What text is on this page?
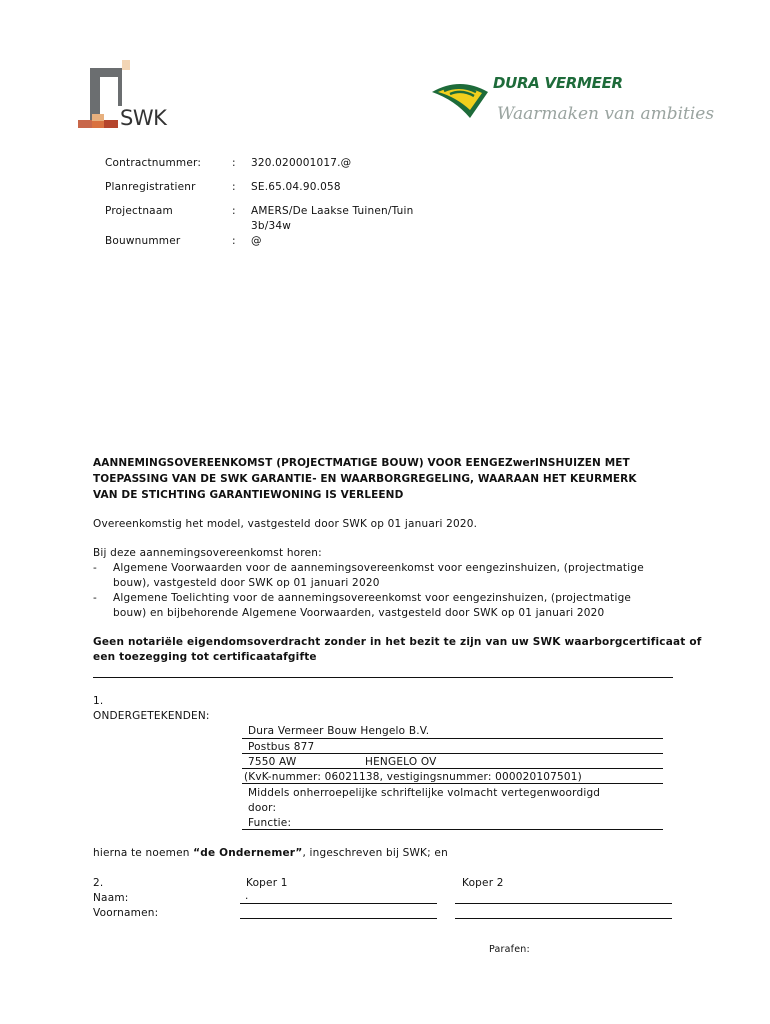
SWK
DURA VERMEER
Waarmaken van ambities
Contractnummer:	: 320.020001017.@
Planregistratienr	: SE.65.04.90.058
Projectnaam	: AMERS/De Laakse Tuinen/Tuin
3b/34w
Bouwnummer	: @
AANNEMINGSOVEREENKOMST (PROJECTMATIGE BOUW) VOOR EENGEZwerINSHUIZEN MET
TOEPASSING VAN DE SWK GARANTIE- EN WAARBORGREGELING, WAARAAN HET KEURMERK
VAN DE STICHTING GARANTIEWONING IS VERLEEND
Overeenkomstig het model, vastgesteld door SWK op 01 januari 2020.
Bij deze aannemingsovereenkomst horen:
- Algemene Voorwaarden voor de aannemingsovereenkomst voor eengezinshuizen, (projectmatige
bouw), vastgesteld door SWK op 01 januari 2020
- Algemene Toelichting voor de aannemingsovereenkomst voor eengezinshuizen, (projectmatige
bouw) en bijbehorende Algemene Voorwaarden, vastgesteld door SWK op 01 januari 2020
Geen notariële eigendomsoverdracht zonder in het bezit te zijn van uw SWK waarborgcertificaat of
een toezegging tot certificaatafgifte
1.
ONDERGETEKENDEN:
Dura Vermeer Bouw Hengelo B.V.
Postbus 877
7550 AW	HENGELO OV
(KvK-nummer: 06021138, vestigingsnummer: 000020107501)
Middels onherroepelijke schriftelijke volmacht vertegenwoordigd
door:
Functie:
hierna te noemen “de Ondernemer”, ingeschreven bij SWK; en
2.	Koper 1	Koper 2
Naam:	.
Voornamen:
Parafen:
